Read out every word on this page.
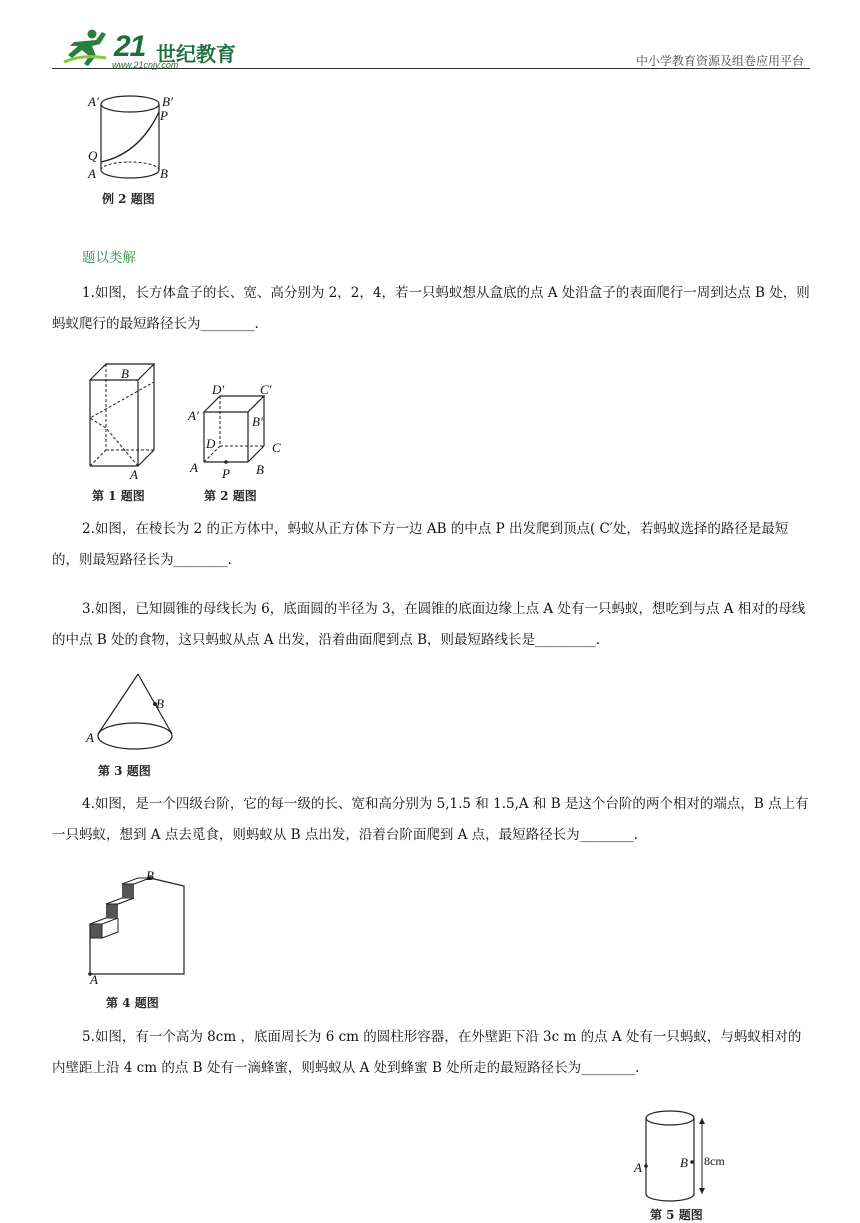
21 世纪教育
www.21cnjy.com	中小学教育资源及组卷应用平台
A′	B′
P
Q
A	B
例 2 题图
题以类解
1.如图，长方体盒子的长、宽、高分别为 2，2，4，若一只蚂蚁想从盒底的点 A 处沿盒子的表面爬行一周到达点 B 处，则蚂蚁爬行的最短路径长为________.
B
A
第 1 题图
D′	C′
A′	B′
D	C
A P B
第 2 题图
2.如图，在棱长为 2 的正方体中，蚂蚁从正方体下方一边 AB 的中点 P 出发爬到顶点( C′处，若蚂蚁选择的路径是最短的，则最短路径长为________.
3.如图，已知圆锥的母线长为 6，底面圆的半径为 3，在圆锥的底面边缘上点 A 处有一只蚂蚁，想吃到与点 A 相对的母线的中点 B 处的食物，这只蚂蚁从点 A 出发，沿着曲面爬到点 B，则最短路线长是_________.
B
A
第 3 题图
4.如图，是一个四级台阶，它的每一级的长、宽和高分别为 5,1.5 和 1.5,A 和 B 是这个台阶的两个相对的端点，B 点上有一只蚂蚁，想到 A 点去觅食，则蚂蚁从 B 点出发，沿着台阶面爬到 A 点，最短路径长为________.
B
A
第 4 题图
5.如图，有一个高为 8cm ，底面周长为 6 cm 的圆柱形容器，在外壁距下沿 3c m 的点 A 处有一只蚂蚁，与蚂蚁相对的内壁距上沿 4 cm 的点 B 处有一滴蜂蜜，则蚂蚁从 A 处到蜂蜜 B 处所走的最短路径长为________.
A	B 8cm
第 5 题图
